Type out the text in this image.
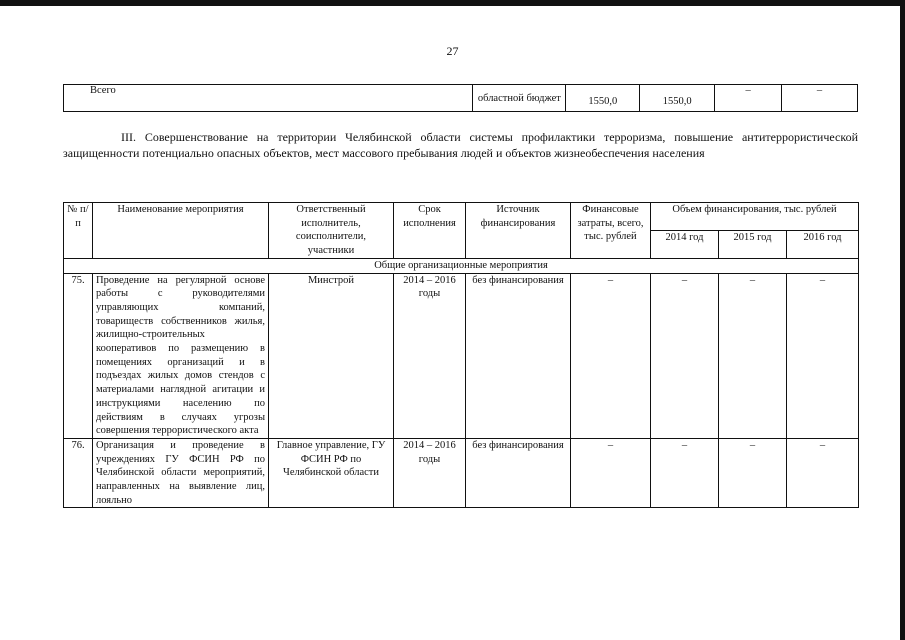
27
Всего	областной бюджет	1550,0	1550,0	–	–
III. Совершенствование на территории Челябинской области системы профилактики терроризма, повышение антитеррористической защищенности потенциально опасных объектов, мест массового пребывания людей и объектов жизнеобеспечения населения
№ п/п	Наименование мероприятия	Ответственный исполнитель, соисполнители, участники	Срок исполнения	Источник финансирования	Финансовые затраты, всего, тыс. рублей	Объем финансирования, тыс. рублей		
						2014 год	2015 год	2016 год
Общие организационные мероприятия								
75.	Проведение на регулярной основе работы с руководителями управляющих компаний, товариществ собственников жилья, жилищно-строительных кооперативов по размещению в помещениях организаций и в подъездах жилых домов стендов с материалами наглядной агитации и инструкциями населению по действиям в случаях угрозы совершения террористического акта	Минстрой	2014 – 2016 годы	без финансирования	–	–	–	–
76.	Организация и проведение в учреждениях ГУ ФСИН РФ по Челябинской области мероприятий, направленных на выявление лиц, лояльно	Главное управление, ГУ ФСИН РФ по Челябинской области	2014 – 2016 годы	без финансирования	–	–	–	–
